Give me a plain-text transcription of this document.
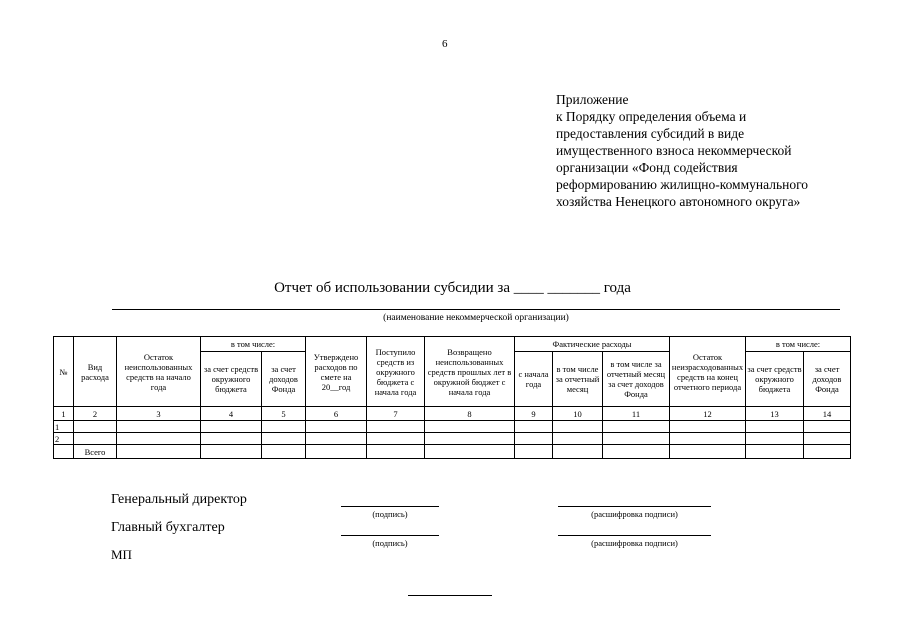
6
Приложение
к Порядку определения объема и
предоставления субсидий в виде
имущественного взноса некоммерческой
организации «Фонд содействия
реформированию жилищно-коммунального
хозяйства Ненецкого автономного округа»
Отчет об использовании субсидии за ____ _______ года
(наименование некоммерческой организации)
№	Вид расхода	Остаток неиспользованных средств на начало года	в том числе:		Утверждено расходов по смете на 20__год	Поступило средств из окружного бюджета с начала года	Возвращено неиспользованных средств прошлых лет в окружной бюджет с начала года	Фактические расходы			Остаток неизрасходованных средств на конец отчетного периода	в том числе:	
			за счет средств окружного бюджета	за счет доходов Фонда				с начала года	в том числе за отчетный месяц	в том числе за отчетный месяц за счет доходов Фонда		за счет средств окружного бюджета	за счет доходов Фонда
1	2	3	4	5	6	7	8	9	10	11	12	13	14
1													
2													
	Всего												
Генеральный директор
(подпись)	(расшифровка подписи)
Главный бухгалтер
(подпись)	(расшифровка подписи)
МП
